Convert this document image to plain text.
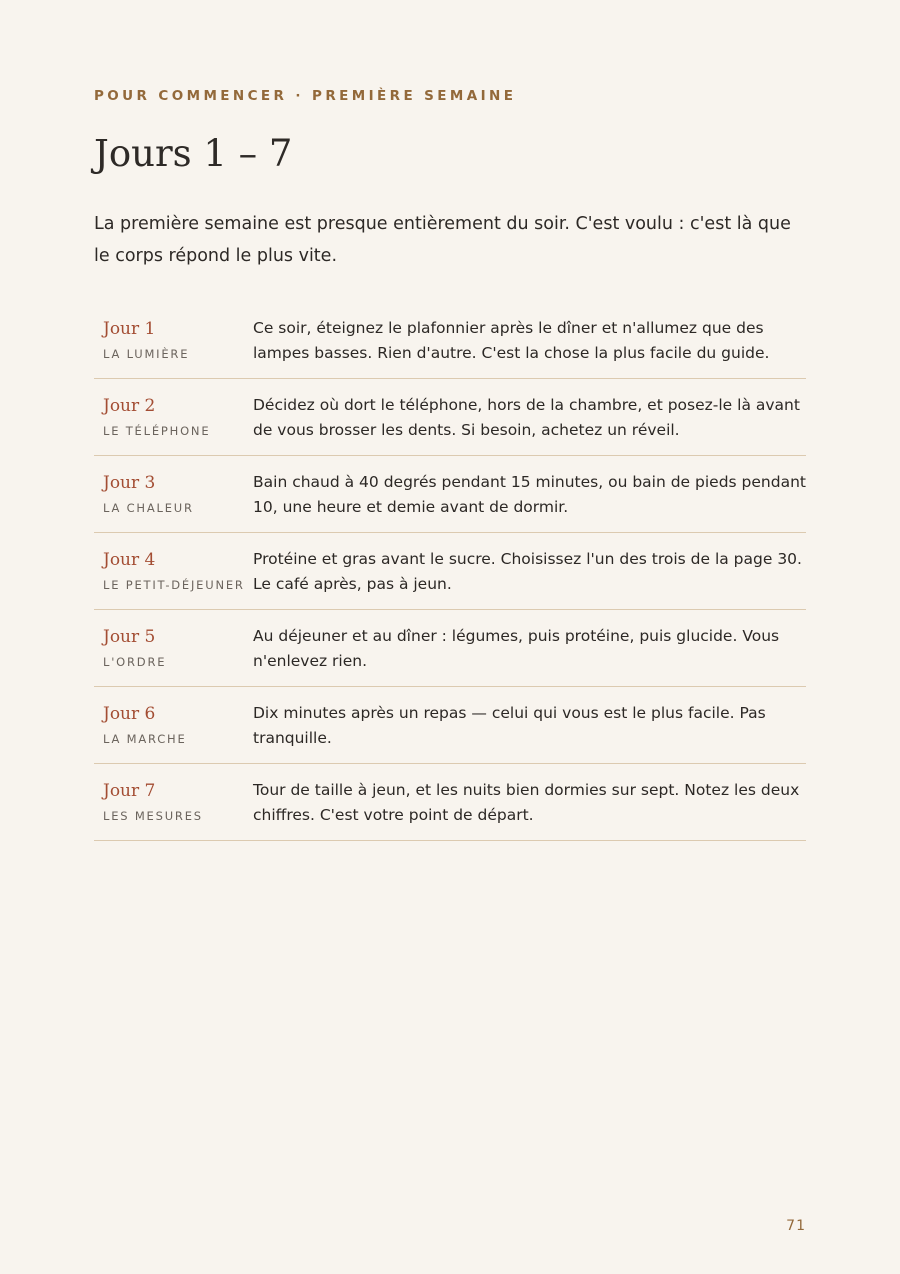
POUR COMMENCER · PREMIÈRE SEMAINE
Jours 1 – 7

La première semaine est presque entièrement du soir. C'est voulu : c'est là que le corps répond le plus vite.

Jour 1
LA LUMIÈRE
Ce soir, éteignez le plafonnier après le dîner et n'allumez que des lampes basses. Rien d'autre. C'est la chose la plus facile du guide.
Jour 2
LE TÉLÉPHONE
Décidez où dort le téléphone, hors de la chambre, et posez-le là avant de vous brosser les dents. Si besoin, achetez un réveil.
Jour 3
LA CHALEUR
Bain chaud à 40 degrés pendant 15 minutes, ou bain de pieds pendant 10, une heure et demie avant de dormir.
Jour 4
LE PETIT-DÉJEUNER
Protéine et gras avant le sucre. Choisissez l'un des trois de la page 30. Le café après, pas à jeun.
Jour 5
L'ORDRE
Au déjeuner et au dîner : légumes, puis protéine, puis glucide. Vous n'enlevez rien.
Jour 6
LA MARCHE
Dix minutes après un repas — celui qui vous est le plus facile. Pas tranquille.
Jour 7
LES MESURES
Tour de taille à jeun, et les nuits bien dormies sur sept. Notez les deux chiffres. C'est votre point de départ.
71
